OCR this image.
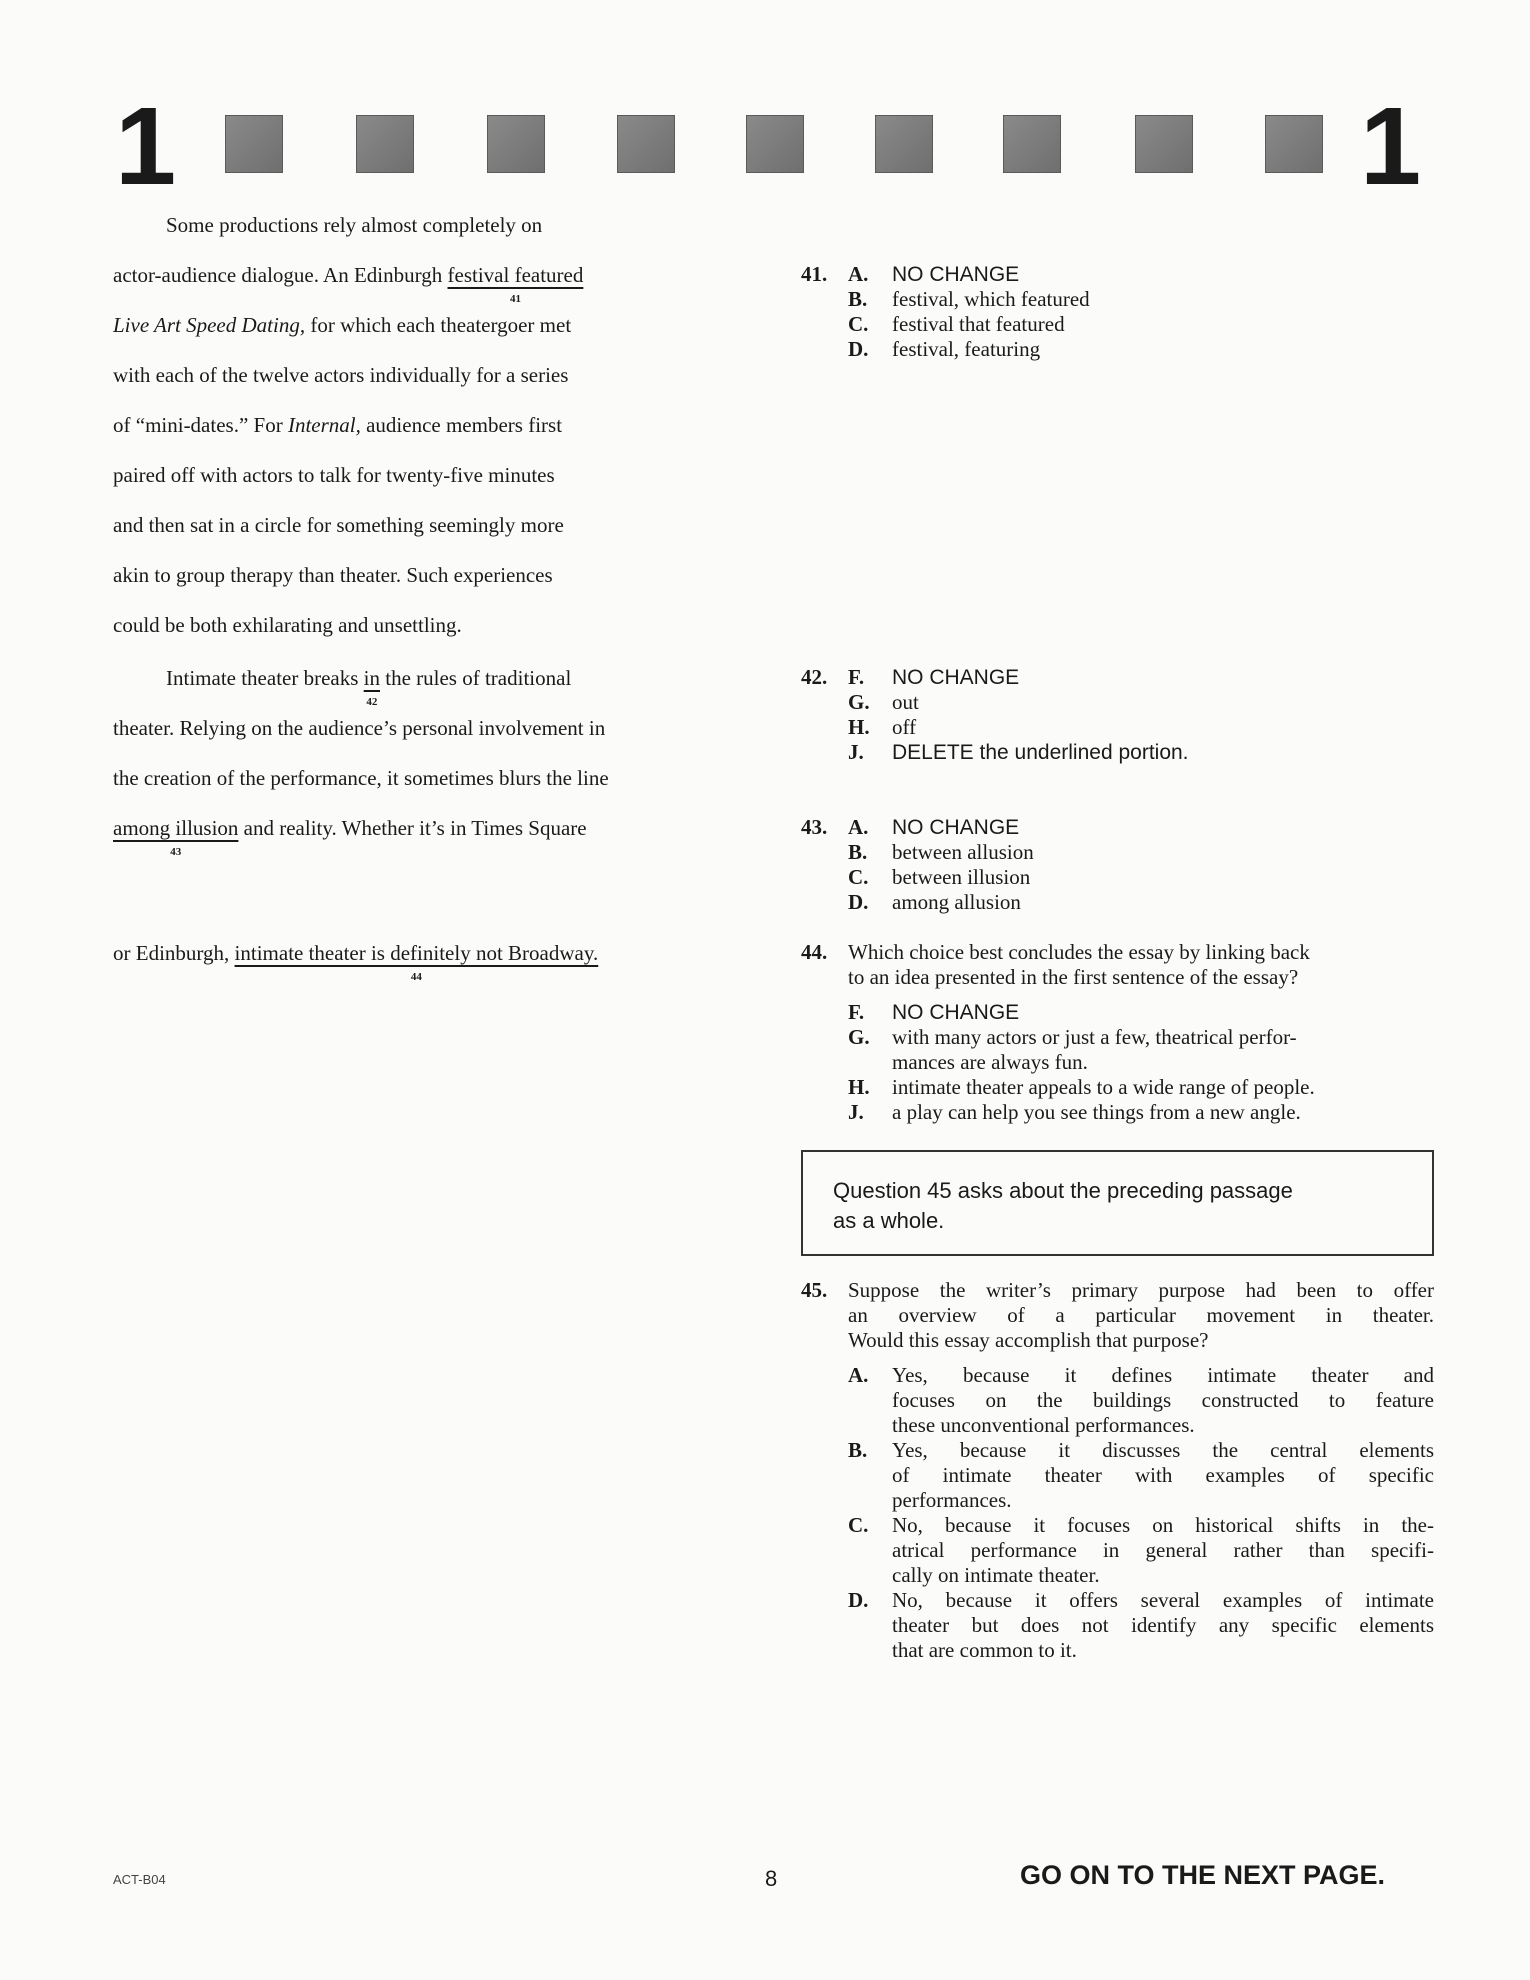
1	1
Some productions rely almost completely on
actor-audience dialogue. An Edinburgh festival featured
41
Live Art Speed Dating, for which each theatergoer met
with each of the twelve actors individually for a series
of “mini-dates.” For Internal, audience members first
paired off with actors to talk for twenty-five minutes
and then sat in a circle for something seemingly more
akin to group therapy than theater. Such experiences
could be both exhilarating and unsettling.
Intimate theater breaks in
42
the rules of traditional
theater. Relying on the audience’s personal involvement in
the creation of the performance, it sometimes blurs the line
among illusion
43
and reality. Whether it’s in Times Square
or Edinburgh, intimate theater is definitely not Broadway.
44
41. A. NO CHANGE
B. festival, which featured
C. festival that featured
D. festival, featuring
42. F. NO CHANGE
G. out
H. off
J. DELETE the underlined portion.
43. A. NO CHANGE
B. between allusion
C. between illusion
D. among allusion
44. Which choice best concludes the essay by linking back
to an idea presented in the first sentence of the essay?
F. NO CHANGE
G. with many actors or just a few, theatrical perfor-
mances are always fun.
H. intimate theater appeals to a wide range of people.
J. a play can help you see things from a new angle.
Question 45 asks about the preceding passage
as a whole.
45. Suppose the writer’s primary purpose had been to offer
an overview of a particular movement in theater.
Would this essay accomplish that purpose?
A. Yes, because it defines intimate theater and
focuses on the buildings constructed to feature
these unconventional performances.
B. Yes, because it discusses the central elements
of intimate theater with examples of specific
performances.
C. No, because it focuses on historical shifts in the-
atrical performance in general rather than specifi-
cally on intimate theater.
D. No, because it offers several examples of intimate
theater but does not identify any specific elements
that are common to it.
ACT-B04	8	GO ON TO THE NEXT PAGE.
